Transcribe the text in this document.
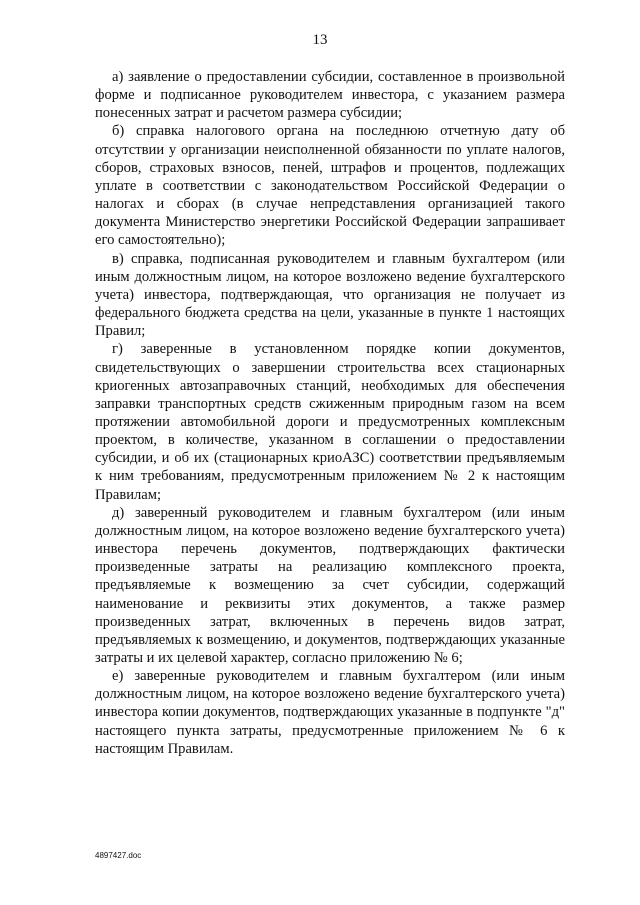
13

а) заявление о предоставлении субсидии, составленное в произвольной форме и подписанное руководителем инвестора, с указанием размера понесенных затрат и расчетом размера субсидии;

б) справка налогового органа на последнюю отчетную дату об отсутствии у организации неисполненной обязанности по уплате налогов, сборов, страховых взносов, пеней, штрафов и процентов, подлежащих уплате в соответствии с законодательством Российской Федерации о налогах и сборах (в случае непредставления организацией такого документа Министерство энергетики Российской Федерации запрашивает его самостоятельно);

в) справка, подписанная руководителем и главным бухгалтером (или иным должностным лицом, на которое возложено ведение бухгалтерского учета) инвестора, подтверждающая, что организация не получает из федерального бюджета средства на цели, указанные в пункте 1 настоящих Правил;

г) заверенные в установленном порядке копии документов, свидетельствующих о завершении строительства всех стационарных криогенных автозаправочных станций, необходимых для обеспечения заправки транспортных средств сжиженным природным газом на всем протяжении автомобильной дороги и предусмотренных комплексным проектом, в количестве, указанном в соглашении о предоставлении субсидии, и об их (стационарных криоАЗС) соответствии предъявляемым к ним требованиям, предусмотренным приложением № 2 к настоящим Правилам;

д) заверенный руководителем и главным бухгалтером (или иным должностным лицом, на которое возложено ведение бухгалтерского учета) инвестора перечень документов, подтверждающих фактически произведенные затраты на реализацию комплексного проекта, предъявляемые к возмещению за счет субсидии, содержащий наименование и реквизиты этих документов, а также размер произведенных затрат, включенных в перечень видов затрат, предъявляемых к возмещению, и документов, подтверждающих указанные затраты и их целевой характер, согласно приложению № 6;

е) заверенные руководителем и главным бухгалтером (или иным должностным лицом, на которое возложено ведение бухгалтерского учета) инвестора копии документов, подтверждающих указанные в подпункте "д" настоящего пункта затраты, предусмотренные приложением № 6 к настоящим Правилам.

4897427.doc
